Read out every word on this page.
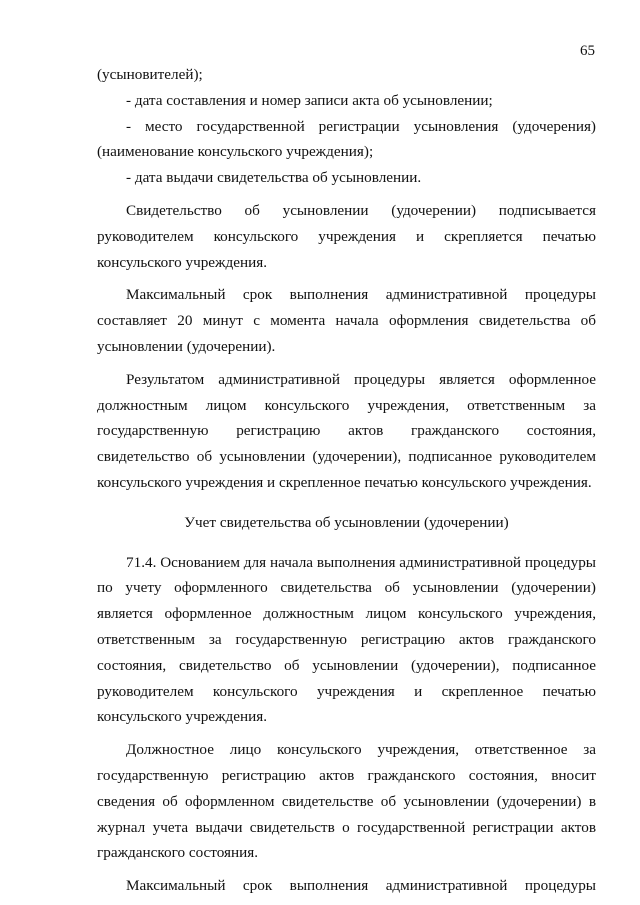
65

(усыновителей);

- дата составления и номер записи акта об усыновлении;

- место государственной регистрации усыновления (удочерения) (наименование консульского учреждения);

- дата выдачи свидетельства об усыновлении.

Свидетельство об усыновлении (удочерении) подписывается руководителем консульского учреждения и скрепляется печатью консульского учреждения.

Максимальный срок выполнения административной процедуры составляет 20 минут с момента начала оформления свидетельства об усыновлении (удочерении).

Результатом административной процедуры является оформленное должностным лицом консульского учреждения, ответственным за государственную регистрацию актов гражданского состояния, свидетельство об усыновлении (удочерении), подписанное руководителем консульского учреждения и скрепленное печатью консульского учреждения.

Учет свидетельства об усыновлении (удочерении)

71.4. Основанием для начала выполнения административной процедуры по учету оформленного свидетельства об усыновлении (удочерении) является оформленное должностным лицом консульского учреждения, ответственным за государственную регистрацию актов гражданского состояния, свидетельство об усыновлении (удочерении), подписанное руководителем консульского учреждения и скрепленное печатью консульского учреждения.

Должностное лицо консульского учреждения, ответственное за государственную регистрацию актов гражданского состояния, вносит сведения об оформленном свидетельстве об усыновлении (удочерении) в журнал учета выдачи свидетельств о государственной регистрации актов гражданского состояния.

Максимальный срок выполнения административной процедуры
